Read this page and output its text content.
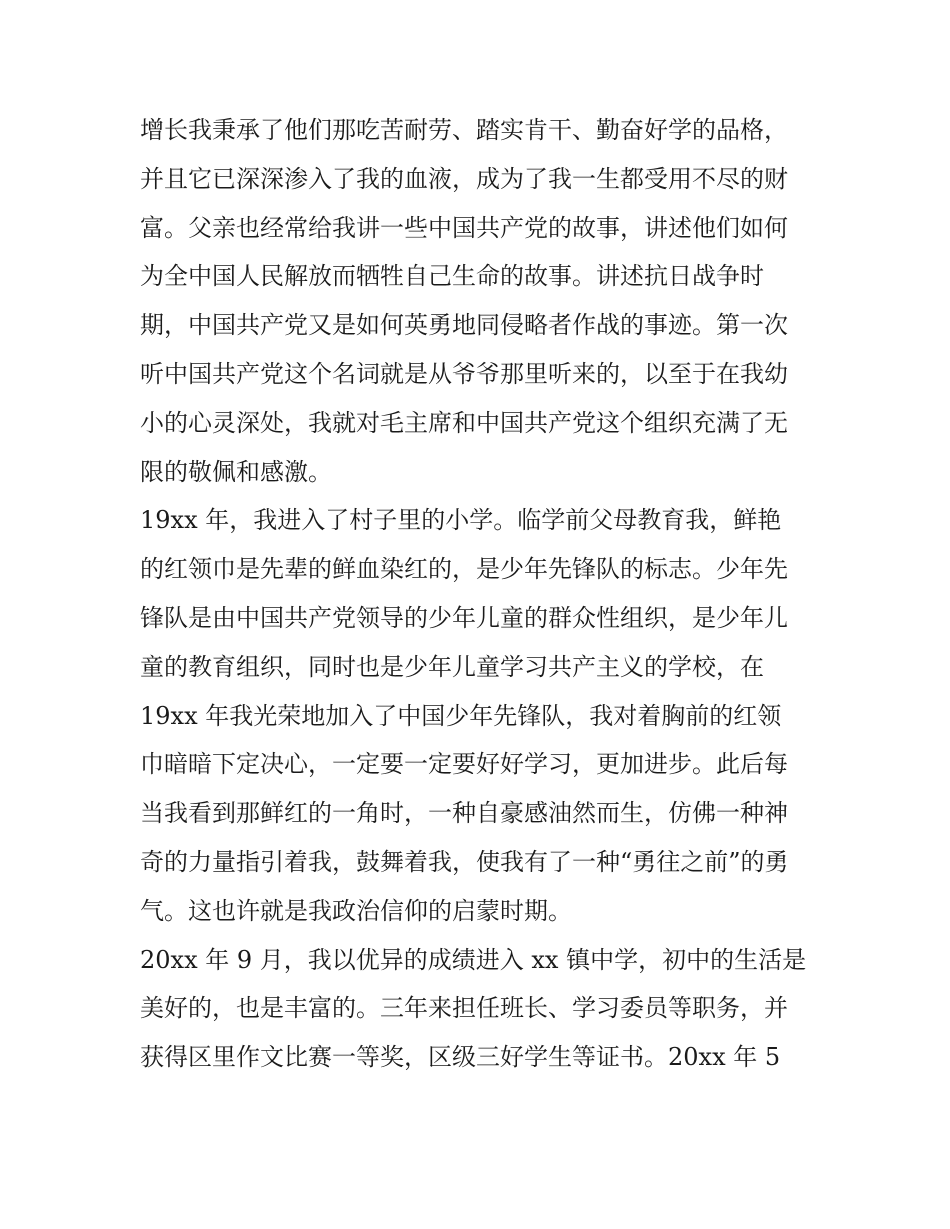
增长我秉承了他们那吃苦耐劳、踏实肯干、勤奋好学的品格，
并且它已深深渗入了我的血液，成为了我一生都受用不尽的财
富。父亲也经常给我讲一些中国共产党的故事，讲述他们如何
为全中国人民解放而牺牲自己生命的故事。讲述抗日战争时
期，中国共产党又是如何英勇地同侵略者作战的事迹。第一次
听中国共产党这个名词就是从爷爷那里听来的，以至于在我幼
小的心灵深处，我就对毛主席和中国共产党这个组织充满了无
限的敬佩和感激。
19xx 年，我进入了村子里的小学。临学前父母教育我，鲜艳
的红领巾是先辈的鲜血染红的，是少年先锋队的标志。少年先
锋队是由中国共产党领导的少年儿童的群众性组织，是少年儿
童的教育组织，同时也是少年儿童学习共产主义的学校，在
19xx 年我光荣地加入了中国少年先锋队，我对着胸前的红领
巾暗暗下定决心，一定要一定要好好学习，更加进步。此后每
当我看到那鲜红的一角时，一种自豪感油然而生，仿佛一种神
奇的力量指引着我，鼓舞着我，使我有了一种“勇往之前”的勇
气。这也许就是我政治信仰的启蒙时期。
20xx 年 9 月，我以优异的成绩进入 xx 镇中学，初中的生活是
美好的，也是丰富的。三年来担任班长、学习委员等职务，并
获得区里作文比赛一等奖，区级三好学生等证书。20xx 年 5
